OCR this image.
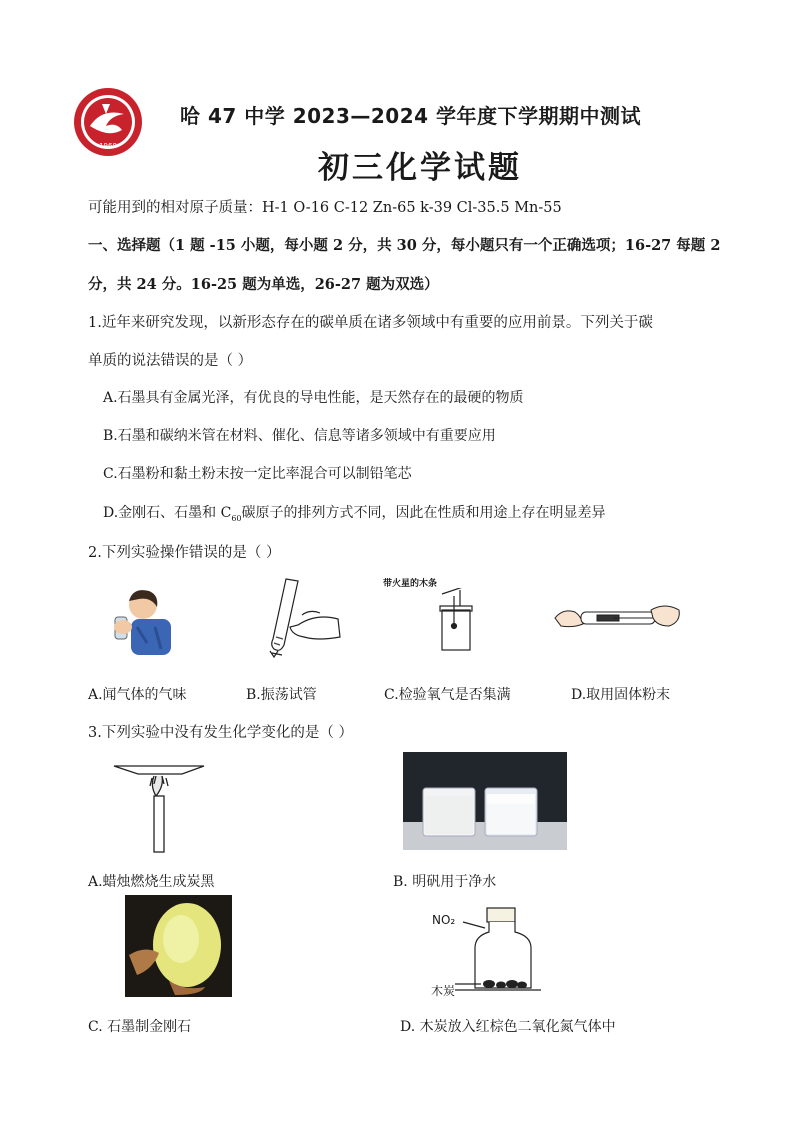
1968
哈 47 中学 2023—2024 学年度下学期期中测试
初三化学试题
可能用到的相对原子质量：H-1 O-16 C-12 Zn-65 k-39 Cl-35.5 Mn-55
一、选择题（1 题 -15 小题，每小题 2 分，共 30 分，每小题只有一个正确选项；16-27 每题 2
分，共 24 分。16-25 题为单选，26-27 题为双选）
1.近年来研究发现，以新形态存在的碳单质在诸多领域中有重要的应用前景。下列关于碳
单质的说法错误的是（ ）
A.石墨具有金属光泽，有优良的导电性能，是天然存在的最硬的物质
B.石墨和碳纳米管在材料、催化、信息等诸多领域中有重要应用
C.石墨粉和黏土粉末按一定比率混合可以制铅笔芯
D.金刚石、石墨和 $C_{60}$碳原子的排列方式不同，因此在性质和用途上存在明显差异
2.下列实验操作错误的是（ ）
带火星的木条
A.闻气体的气味	B.振荡试管	C.检验氧气是否集满	D.取用固体粉末
3.下列实验中没有发生化学变化的是（ ）
A.蜡烛燃烧生成炭黑	B. 明矾用于净水
NO₂
木炭
C. 石墨制金刚石	D. 木炭放入红棕色二氧化氮气体中
